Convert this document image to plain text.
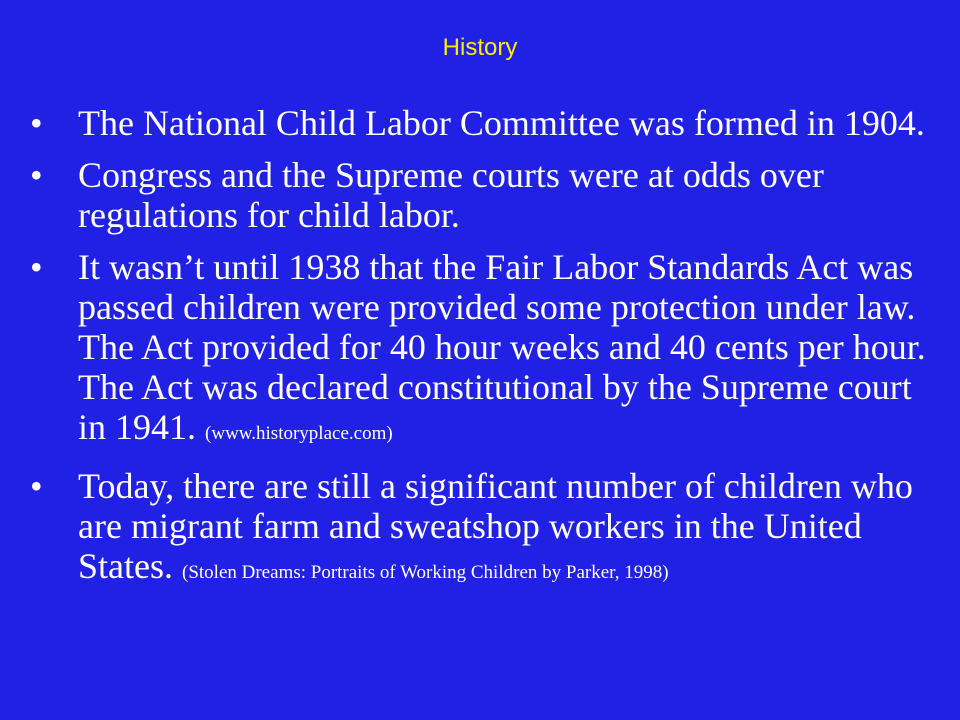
History
• The National Child Labor Committee was formed in 1904.
• Congress and the Supreme courts were at odds over regulations for child labor.
• It wasn’t until 1938 that the Fair Labor Standards Act was passed children were provided some protection under law. The Act provided for 40 hour weeks and 40 cents per hour. The Act was declared constitutional by the Supreme court in 1941. (www.historyplace.com)
• Today, there are still a significant number of children who are migrant farm and sweatshop workers in the United States. (Stolen Dreams: Portraits of Working Children by Parker, 1998)
